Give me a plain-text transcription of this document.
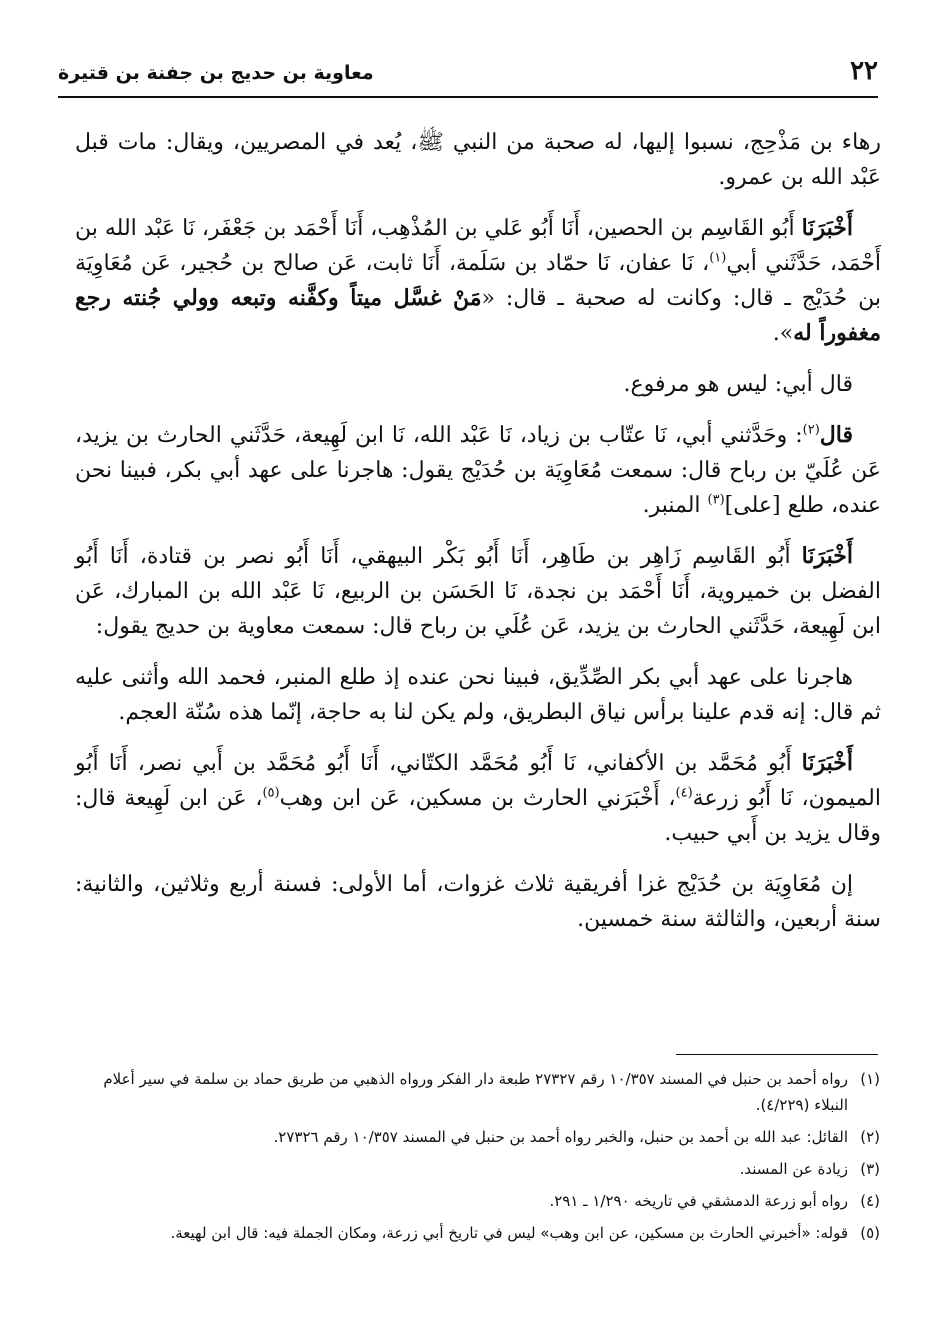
٢٢
معاوية بن حديج بن جفنة بن قتيرة

رهاء بن مَذْحِج، نسبوا إليها، له صحبة من النبي ﷺ، يُعد في المصريين، ويقال: مات قبل عَبْد الله بن عمرو.

أَخْبَرَنَا أَبُو القَاسِم بن الحصين، أَنَا أَبُو عَلي بن المُذْهِب، أَنَا أَحْمَد بن جَعْفَر، نَا عَبْد الله بن أَحْمَد، حَدَّثَني أبي$^{(١)}$، نَا عفان، نَا حمّاد بن سَلَمة، أَنَا ثابت، عَن صالح بن حُجير، عَن مُعَاوِيَة بن حُدَيْج ـ قال: وكانت له صحبة ـ قال: «مَنْ غسَّل ميتاً وكفَّنه وتبعه وولي جُنته رجع مغفوراً له».

قال أبي: ليس هو مرفوع.

قال$^{(٢)}$: وحَدَّثني أبي، نَا عتّاب بن زياد، نَا عَبْد الله، نَا ابن لَهِيعة، حَدَّثَني الحارث بن يزيد، عَن عُلَيّ بن رباح قال: سمعت مُعَاوِيَة بن حُدَيْج يقول: هاجرنا على عهد أبي بكر، فبينا نحن عنده، طلع [على]$^{(٣)}$ المنبر.

أَخْبَرَنَا أَبُو القَاسِم زَاهِر بن طَاهِر، أَنَا أَبُو بَكْر البيهقي، أَنَا أَبُو نصر بن قتادة، أَنَا أَبُو الفضل بن خميروية، أَنَا أَحْمَد بن نجدة، نَا الحَسَن بن الربيع، نَا عَبْد الله بن المبارك، عَن ابن لَهِيعة، حَدَّثَني الحارث بن يزيد، عَن عُلَي بن رباح قال: سمعت معاوية بن حديج يقول:

هاجرنا على عهد أبي بكر الصِّدِّيق، فبينا نحن عنده إذ طلع المنبر، فحمد الله وأثنى عليه ثم قال: إنه قدم علينا برأس نياق البطريق، ولم يكن لنا به حاجة، إنّما هذه سُنّة العجم.

أَخْبَرَنَا أَبُو مُحَمَّد بن الأكفاني، نَا أَبُو مُحَمَّد الكتّاني، أَنَا أَبُو مُحَمَّد بن أَبي نصر، أَنَا أَبُو الميمون، نَا أَبُو زرعة$^{(٤)}$، أَخْبَرَني الحارث بن مسكين، عَن ابن وهب$^{(٥)}$، عَن ابن لَهِيعة قال: وقال يزيد بن أَبي حبيب.

إن مُعَاوِيَة بن حُدَيْج غزا أفريقية ثلاث غزوات، أما الأولى: فسنة أربع وثلاثين، والثانية: سنة أربعين، والثالثة سنة خمسين.

(١)
رواه أحمد بن حنبل في المسند ١٠/٣٥٧ رقم ٢٧٣٢٧ طبعة دار الفكر ورواه الذهبي من طريق حماد بن سلمة في سير أعلام النبلاء (٤/٢٢٩).
(٢)
القائل: عبد الله بن أحمد بن حنبل، والخبر رواه أحمد بن حنبل في المسند ١٠/٣٥٧ رقم ٢٧٣٢٦.
(٣)
زيادة عن المسند.
(٤)
رواه أبو زرعة الدمشقي في تاريخه ١/٢٩٠ ـ ٢٩١.
(٥)
قوله: «أخبرني الحارث بن مسكين، عن ابن وهب» ليس في تاريخ أبي زرعة، ومكان الجملة فيه: قال ابن لهيعة.
